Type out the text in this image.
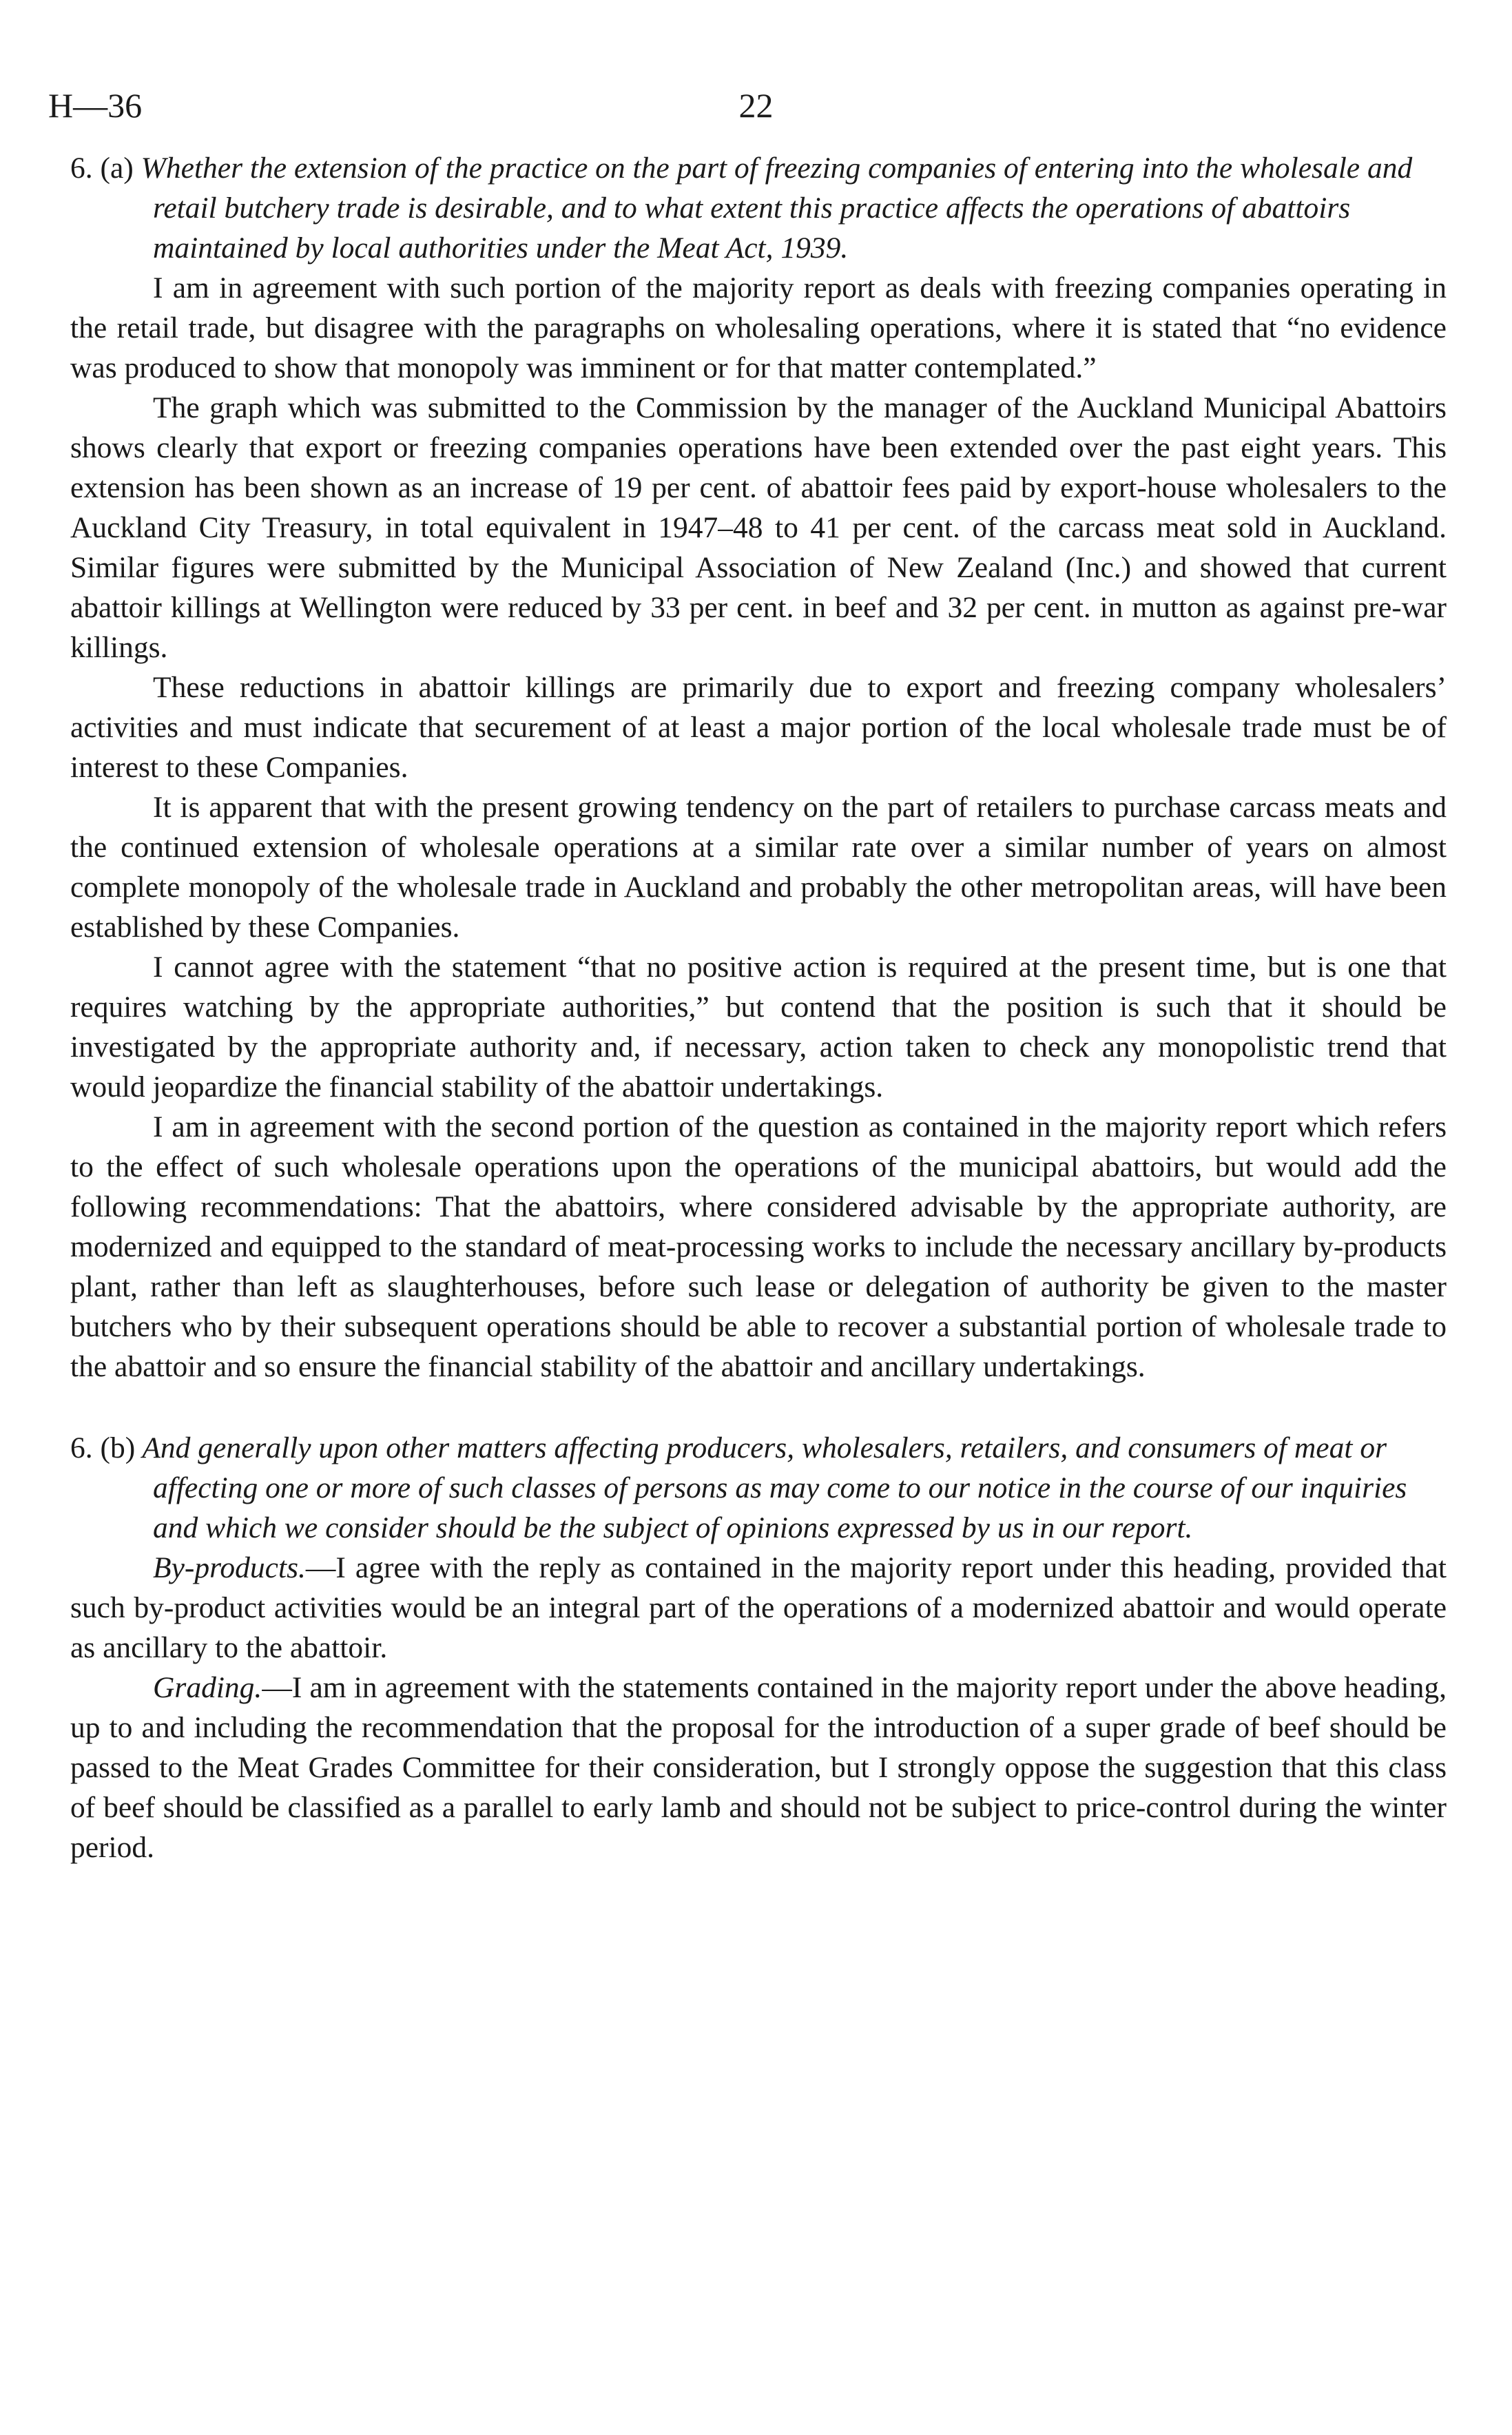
H—36	22

6. (a) Whether the extension of the practice on the part of freezing companies of entering into the wholesale and retail butchery trade is desirable, and to what extent this practice affects the operations of abattoirs maintained by local authorities under the Meat Act, 1939.

I am in agreement with such portion of the majority report as deals with freezing companies operating in the retail trade, but disagree with the paragraphs on wholesaling operations, where it is stated that “no evidence was produced to show that monopoly was imminent or for that matter contemplated.”

The graph which was submitted to the Commission by the manager of the Auckland Municipal Abattoirs shows clearly that export or freezing companies operations have been extended over the past eight years. This extension has been shown as an increase of 19 per cent. of abattoir fees paid by export-house wholesalers to the Auckland City Treasury, in total equivalent in 1947–48 to 41 per cent. of the carcass meat sold in Auckland. Similar figures were submitted by the Municipal Association of New Zealand (Inc.) and showed that current abattoir killings at Wellington were reduced by 33 per cent. in beef and 32 per cent. in mutton as against pre-war killings.

These reductions in abattoir killings are primarily due to export and freezing company wholesalers’ activities and must indicate that securement of at least a major portion of the local wholesale trade must be of interest to these Companies.

It is apparent that with the present growing tendency on the part of retailers to purchase carcass meats and the continued extension of wholesale operations at a similar rate over a similar number of years on almost complete monopoly of the wholesale trade in Auckland and probably the other metropolitan areas, will have been established by these Companies.

I cannot agree with the statement “that no positive action is required at the present time, but is one that requires watching by the appropriate authorities,” but contend that the position is such that it should be investigated by the appropriate authority and, if necessary, action taken to check any monopolistic trend that would jeopardize the financial stability of the abattoir undertakings.

I am in agreement with the second portion of the question as contained in the majority report which refers to the effect of such wholesale operations upon the operations of the municipal abattoirs, but would add the following recommendations: That the abattoirs, where considered advisable by the appropriate authority, are modernized and equipped to the standard of meat-processing works to include the necessary ancillary by-products plant, rather than left as slaughterhouses, before such lease or delegation of authority be given to the master butchers who by their subsequent operations should be able to recover a substantial portion of wholesale trade to the abattoir and so ensure the financial stability of the abattoir and ancillary undertakings.

6. (b) And generally upon other matters affecting producers, wholesalers, retailers, and consumers of meat or affecting one or more of such classes of persons as may come to our notice in the course of our inquiries and which we consider should be the subject of opinions expressed by us in our report.

By-products.—I agree with the reply as contained in the majority report under this heading, provided that such by-product activities would be an integral part of the operations of a modernized abattoir and would operate as ancillary to the abattoir.

Grading.—I am in agreement with the statements contained in the majority report under the above heading, up to and including the recommendation that the proposal for the introduction of a super grade of beef should be passed to the Meat Grades Committee for their consideration, but I strongly oppose the suggestion that this class of beef should be classified as a parallel to early lamb and should not be subject to price-control during the winter period.
